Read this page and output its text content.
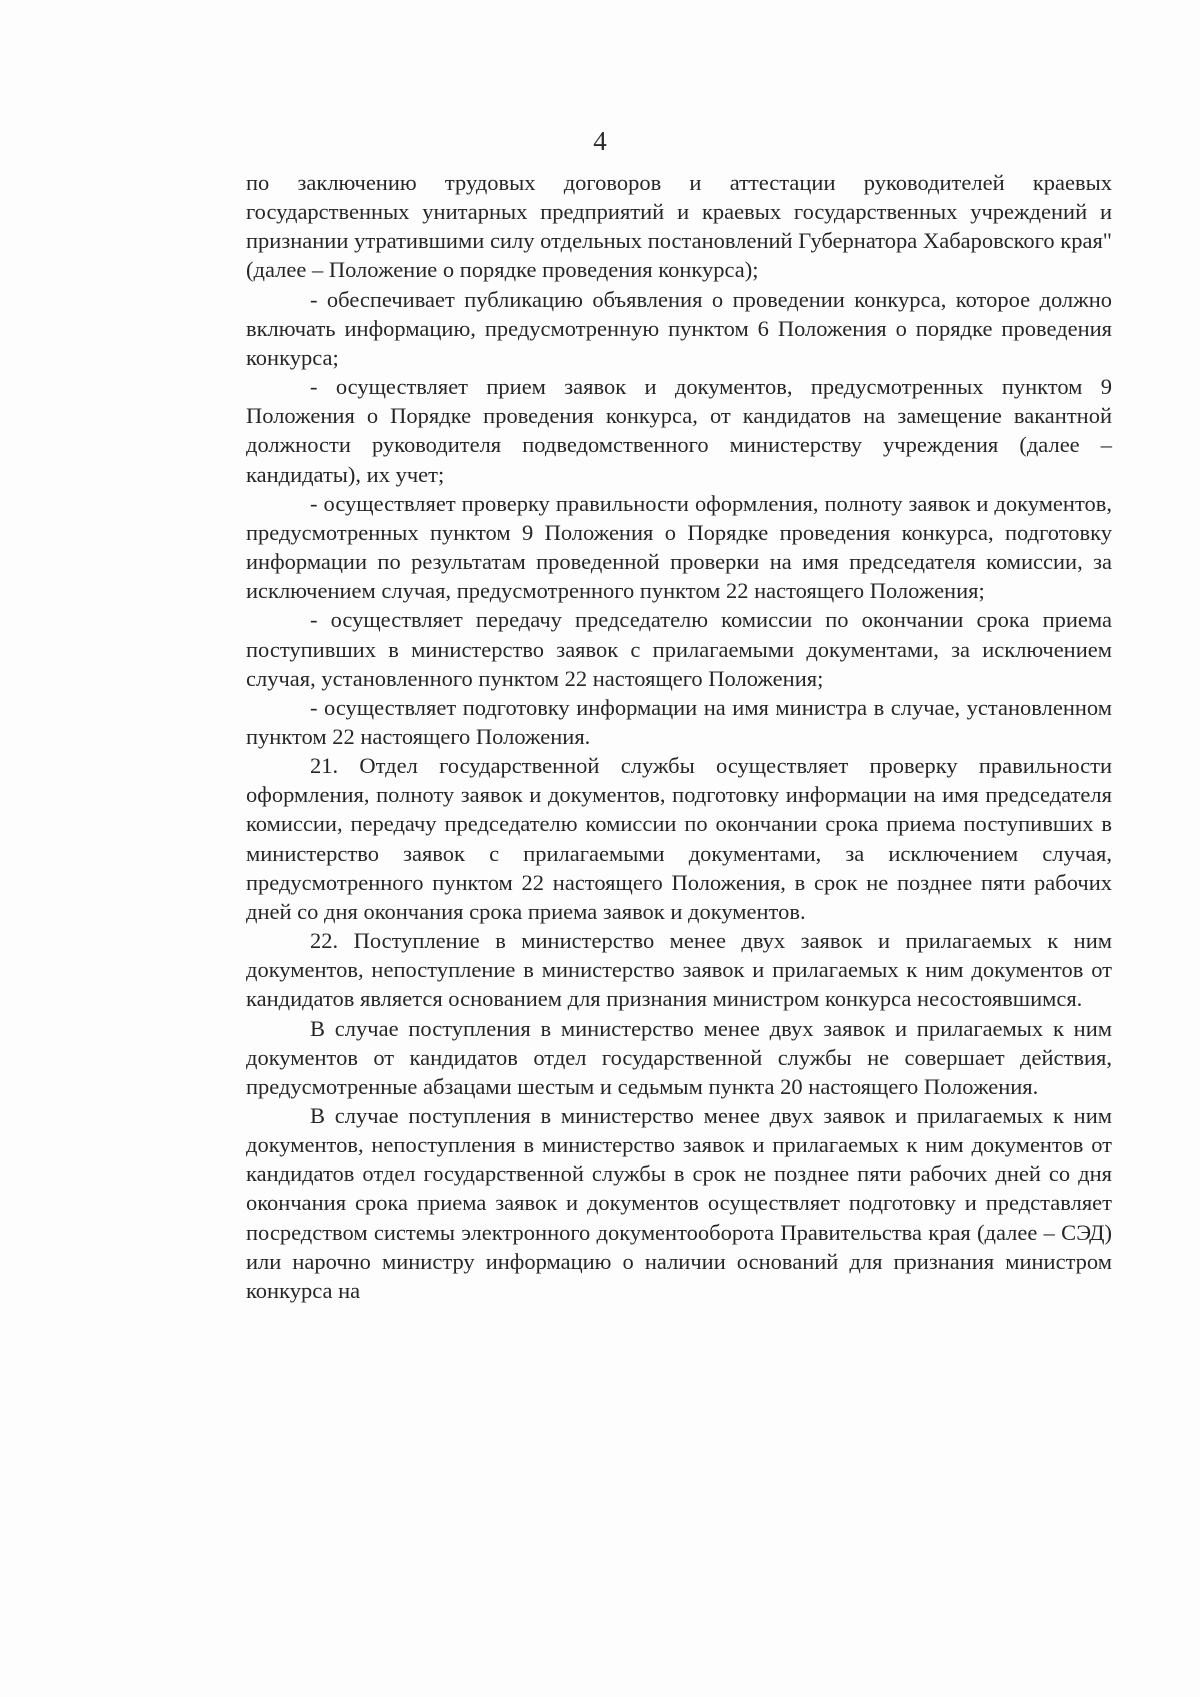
4

по заключению трудовых договоров и аттестации руководителей краевых государственных унитарных предприятий и краевых государственных учреждений и признании утратившими силу отдельных постановлений Губернатора Хабаровского края" (далее – Положение о порядке проведения конкурса);

- обеспечивает публикацию объявления о проведении конкурса, которое должно включать информацию, предусмотренную пунктом 6 Положения о порядке проведения конкурса;

- осуществляет прием заявок и документов, предусмотренных пунктом 9 Положения о Порядке проведения конкурса, от кандидатов на замещение вакантной должности руководителя подведомственного министерству учреждения (далее – кандидаты), их учет;

- осуществляет проверку правильности оформления, полноту заявок и документов, предусмотренных пунктом 9 Положения о Порядке проведения конкурса, подготовку информации по результатам проведенной проверки на имя председателя комиссии, за исключением случая, предусмотренного пунктом 22 настоящего Положения;

- осуществляет передачу председателю комиссии по окончании срока приема поступивших в министерство заявок с прилагаемыми документами, за исключением случая, установленного пунктом 22 настоящего Положения;

- осуществляет подготовку информации на имя министра в случае, установленном пунктом 22 настоящего Положения.

21. Отдел государственной службы осуществляет проверку правильности оформления, полноту заявок и документов, подготовку информации на имя председателя комиссии, передачу председателю комиссии по окончании срока приема поступивших в министерство заявок с прилагаемыми документами, за исключением случая, предусмотренного пунктом 22 настоящего Положения, в срок не позднее пяти рабочих дней со дня окончания срока приема заявок и документов.

22. Поступление в министерство менее двух заявок и прилагаемых к ним документов, непоступление в министерство заявок и прилагаемых к ним документов от кандидатов является основанием для признания министром конкурса несостоявшимся.

В случае поступления в министерство менее двух заявок и прилагаемых к ним документов от кандидатов отдел государственной службы не совершает действия, предусмотренные абзацами шестым и седьмым пункта 20 настоящего Положения.

В случае поступления в министерство менее двух заявок и прилагаемых к ним документов, непоступления в министерство заявок и прилагаемых к ним документов от кандидатов отдел государственной службы в срок не позднее пяти рабочих дней со дня окончания срока приема заявок и документов осуществляет подготовку и представляет посредством системы электронного документооборота Правительства края (далее – СЭД) или нарочно министру информацию о наличии оснований для признания министром конкурса на
